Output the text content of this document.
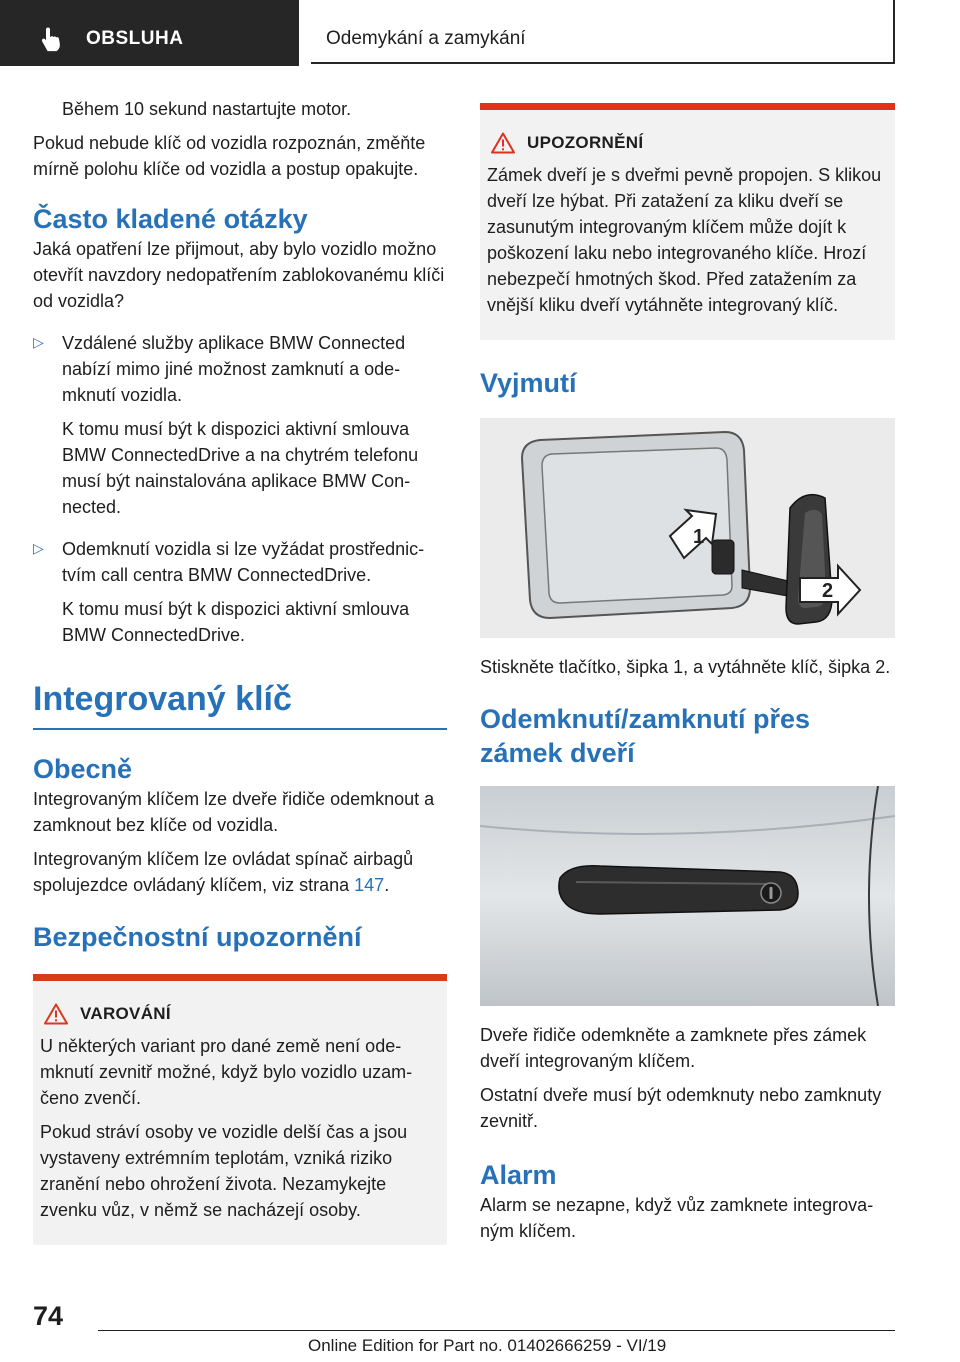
OBSLUHA	Odemykání a zamykání

Během 10 sekund nastartujte motor.

Pokud nebude klíč od vozidla rozpoznán, změňte mírně polohu klíče od vozidla a postup opakujte.

Často kladené otázky

Jaká opatření lze přijmout, aby bylo vozidlo možno otevřít navzdory nedopatřením zablokovanému klíči od vozidla?

▷ Vzdálené služby aplikace BMW Connected nabízí mimo jiné možnost zamknutí a odemknutí vozidla.

K tomu musí být k dispozici aktivní smlouva BMW ConnectedDrive a na chytrém telefonu musí být nainstalována aplikace BMW Connected.

▷ Odemknutí vozidla si lze vyžádat prostřednictvím call centra BMW ConnectedDrive.

K tomu musí být k dispozici aktivní smlouva BMW ConnectedDrive.

Integrovaný klíč
Obecně

Integrovaným klíčem lze dveře řidiče odemknout a zamknout bez klíče od vozidla.

Integrovaným klíčem lze ovládat spínač airbagů spolujezdce ovládaný klíčem, viz strana 147.

Bezpečnostní upozornění
VAROVÁNÍ

U některých variant pro dané země není odemknutí zevnitř možné, když bylo vozidlo uzamčeno zvenčí.

Pokud stráví osoby ve vozidle delší čas a jsou vystaveny extrémním teplotám, vzniká riziko zranění nebo ohrožení života. Nezamykejte zvenku vůz, v němž se nacházejí osoby.

UPOZORNĚNÍ

Zámek dveří je s dveřmi pevně propojen. S klikou dveří lze hýbat. Při zatažení za kliku dveří se zasunutým integrovaným klíčem může dojít k poškození laku nebo integrovaného klíče. Hrozí nebezpečí hmotných škod. Před zatažením za vnější kliku dveří vytáhněte integrovaný klíč.

Vyjmutí
1
2

Stiskněte tlačítko, šipka 1, a vytáhněte klíč, šipka 2.

Odemknutí/zamknutí přes zámek dveří

Dveře řidiče odemkněte a zamknete přes zámek dveří integrovaným klíčem.

Ostatní dveře musí být odemknuty nebo zamknuty zevnitř.

Alarm

Alarm se nezapne, když vůz zamknete integrovaným klíčem.

74
Online Edition for Part no. 01402666259 - VI/19
